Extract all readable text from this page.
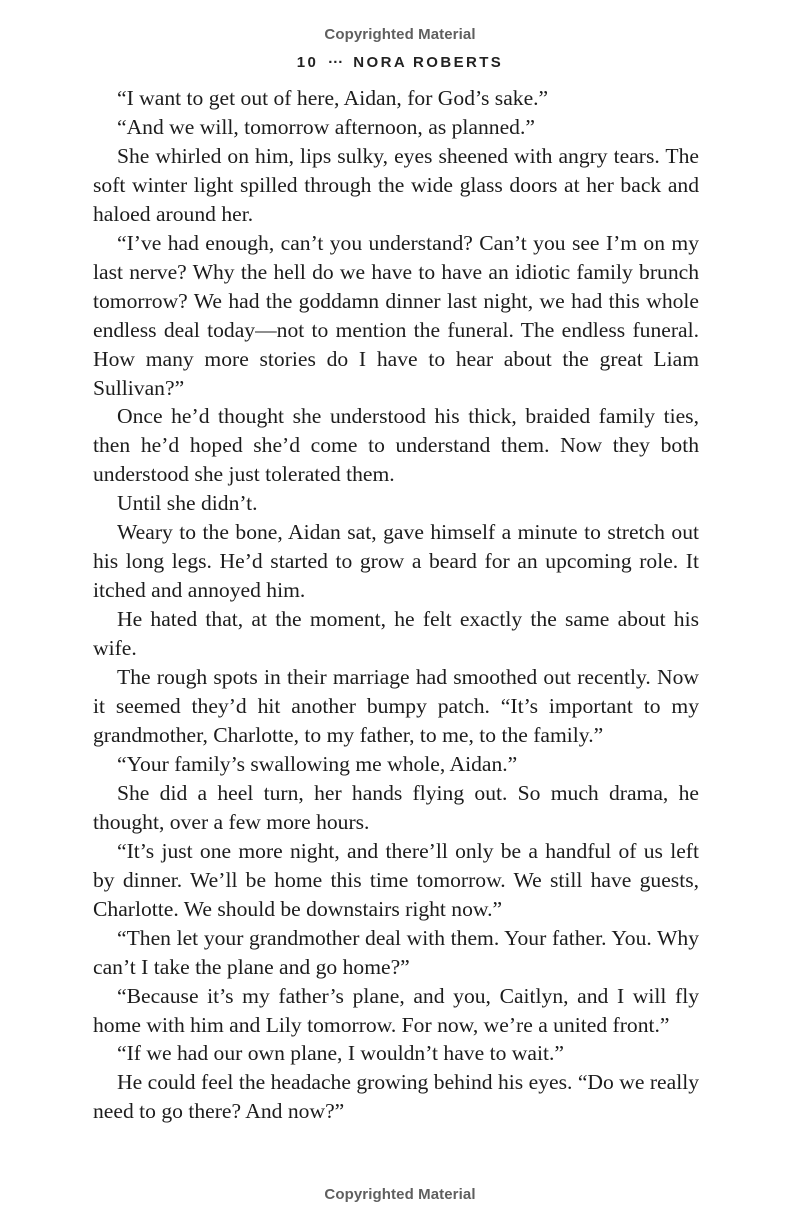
Copyrighted Material
10 ··· NORA ROBERTS

“I want to get out of here, Aidan, for God’s sake.”

“And we will, tomorrow afternoon, as planned.”

She whirled on him, lips sulky, eyes sheened with angry tears. The soft winter light spilled through the wide glass doors at her back and haloed around her.

“I’ve had enough, can’t you understand? Can’t you see I’m on my last nerve? Why the hell do we have to have an idiotic family brunch tomorrow? We had the goddamn dinner last night, we had this whole endless deal today—not to mention the funeral. The endless funeral. How many more stories do I have to hear about the great Liam Sullivan?”

Once he’d thought she understood his thick, braided family ties, then he’d hoped she’d come to understand them. Now they both understood she just tolerated them.

Until she didn’t.

Weary to the bone, Aidan sat, gave himself a minute to stretch out his long legs. He’d started to grow a beard for an upcoming role. It itched and annoyed him.

He hated that, at the moment, he felt exactly the same about his wife.

The rough spots in their marriage had smoothed out recently. Now it seemed they’d hit another bumpy patch. “It’s important to my grandmother, Charlotte, to my father, to me, to the family.”

“Your family’s swallowing me whole, Aidan.”

She did a heel turn, her hands flying out. So much drama, he thought, over a few more hours.

“It’s just one more night, and there’ll only be a handful of us left by dinner. We’ll be home this time tomorrow. We still have guests, Charlotte. We should be downstairs right now.”

“Then let your grandmother deal with them. Your father. You. Why can’t I take the plane and go home?”

“Because it’s my father’s plane, and you, Caitlyn, and I will fly home with him and Lily tomorrow. For now, we’re a united front.”

“If we had our own plane, I wouldn’t have to wait.”

He could feel the headache growing behind his eyes. “Do we really need to go there? And now?”

Copyrighted Material
